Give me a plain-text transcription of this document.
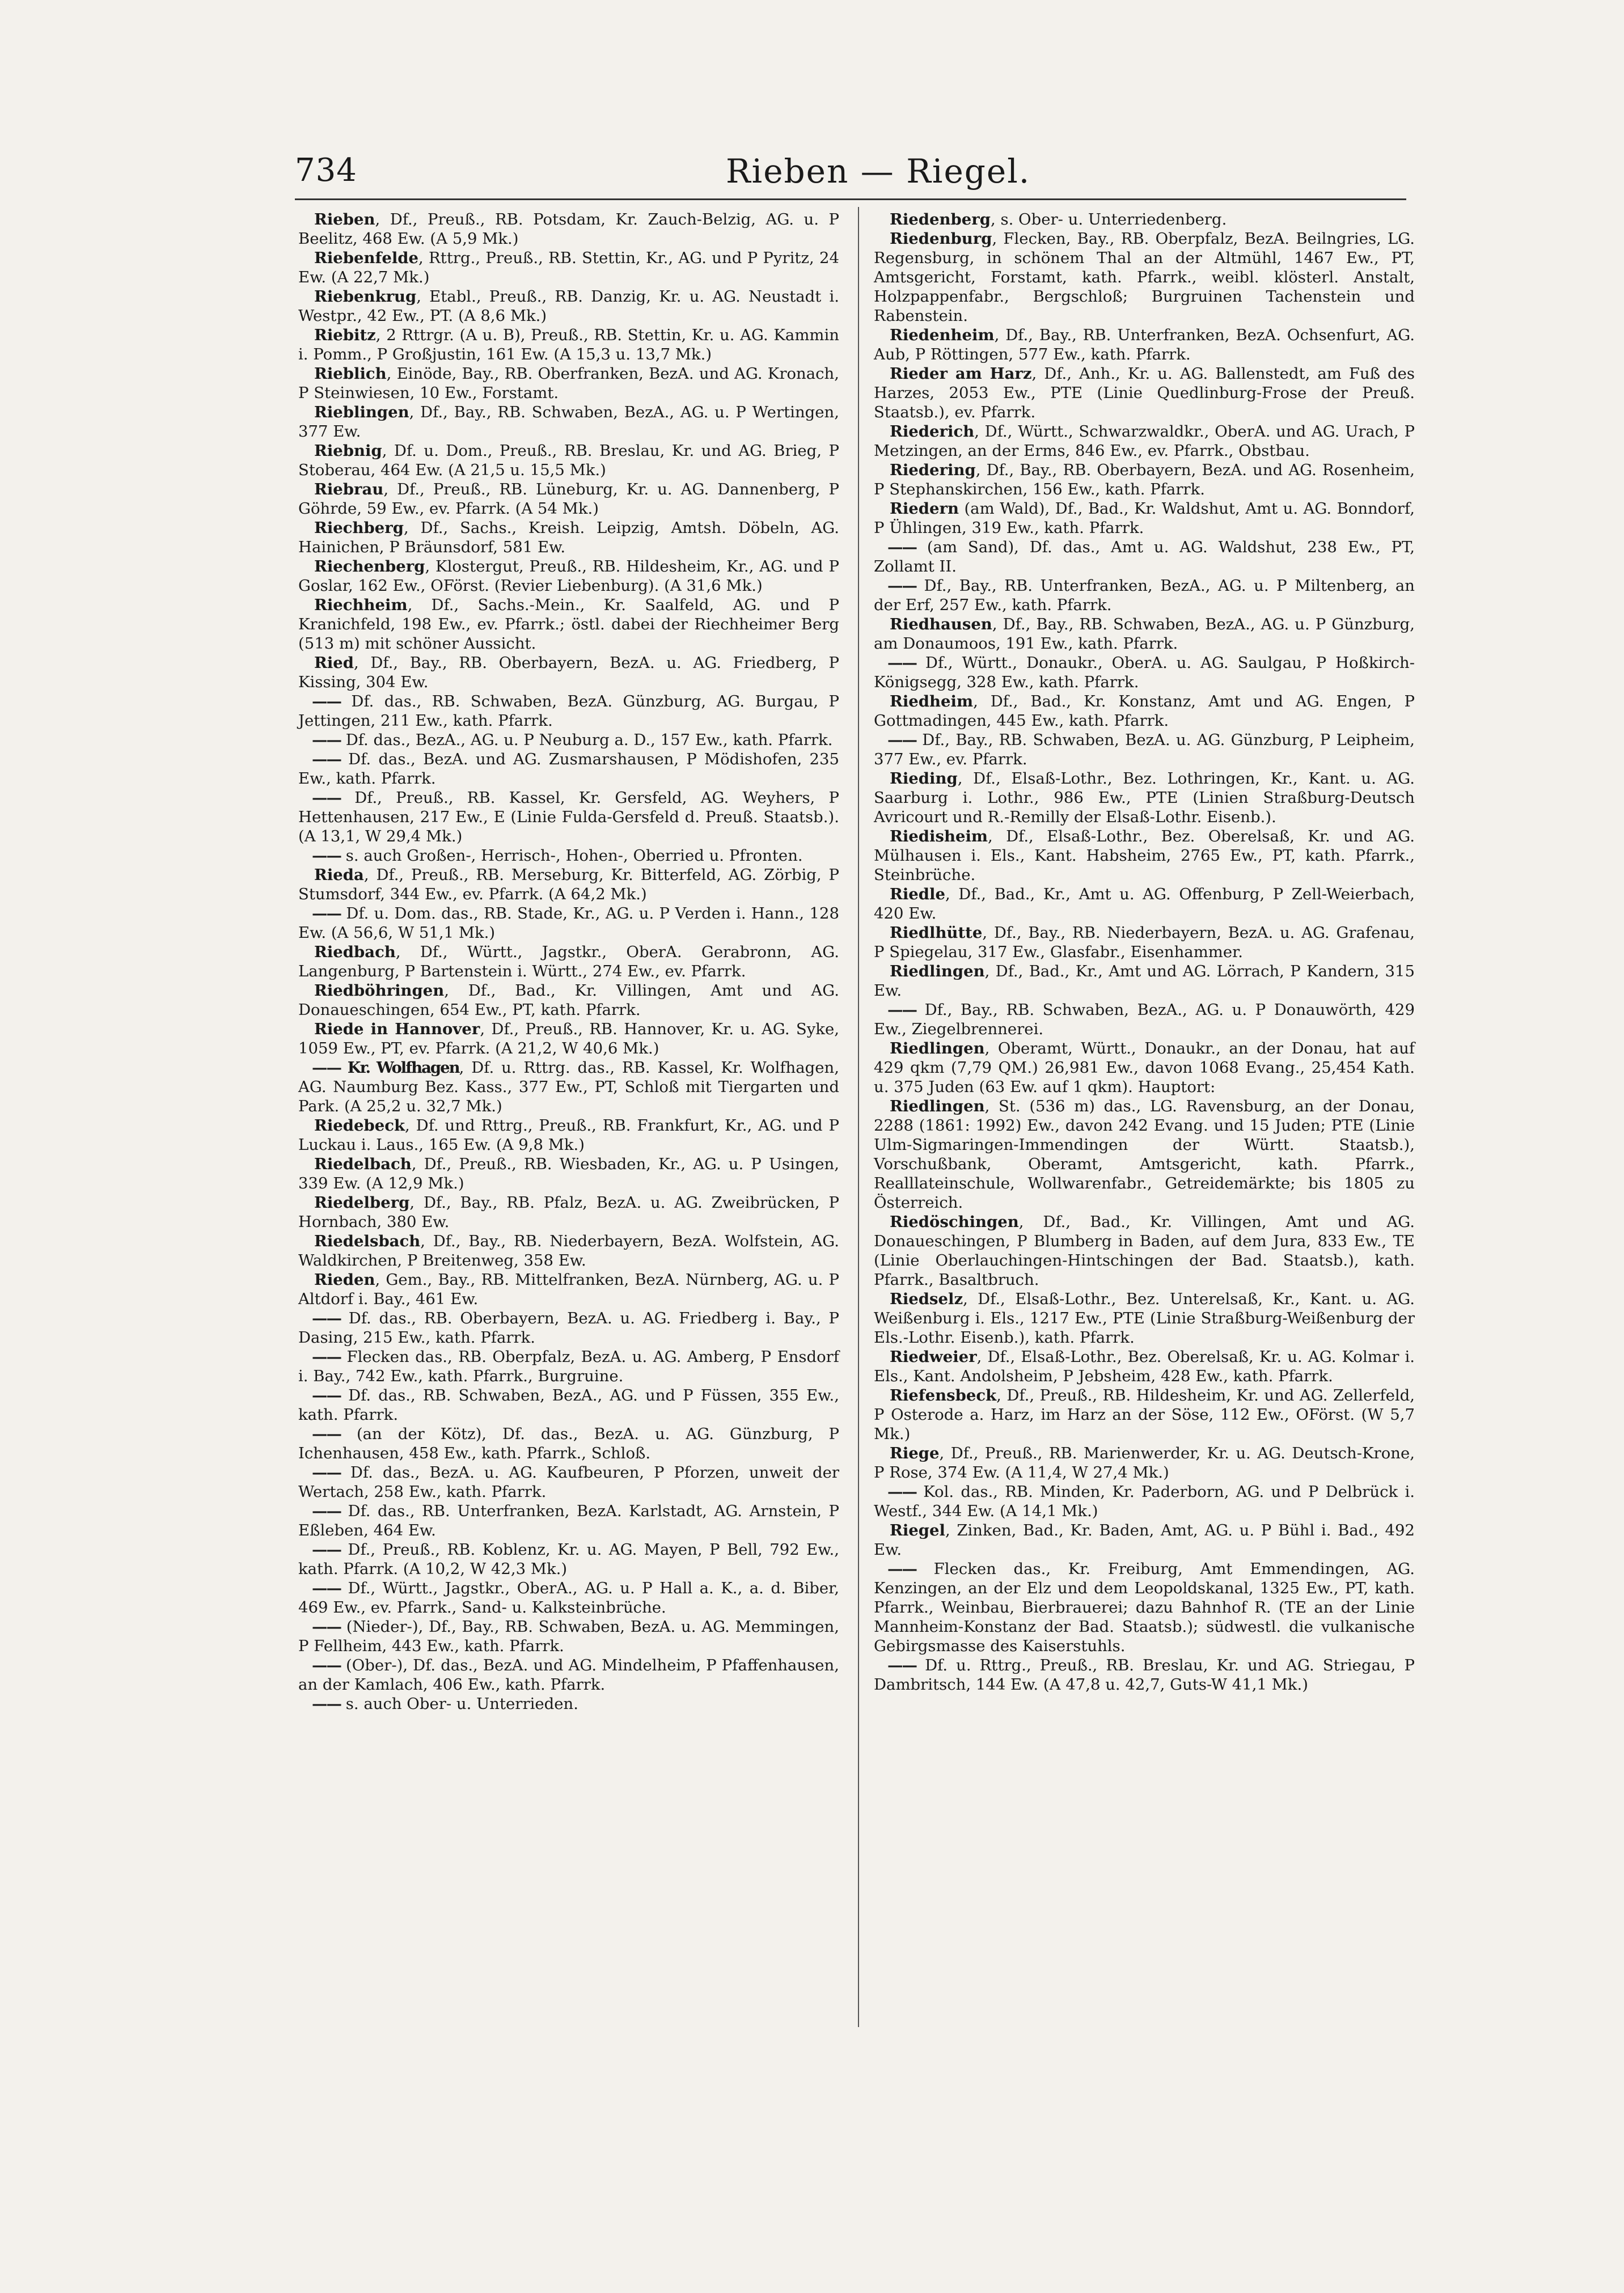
734	Rieben — Riegel.

Rieben, Df., Preuß., RB. Potsdam, Kr. Zauch-Belzig, AG. u. P Beelitz, 468 Ew. (A 5,9 Mk.)

Riebenfelde, Rttrg., Preuß., RB. Stettin, Kr., AG. und P Pyritz, 24 Ew. (A 22,7 Mk.)

Riebenkrug, Etabl., Preuß., RB. Danzig, Kr. u. AG. Neustadt i. Westpr., 42 Ew., PT. (A 8,6 Mk.)

Riebitz, 2 Rttrgr. (A u. B), Preuß., RB. Stettin, Kr. u. AG. Kammin i. Pomm., P Großjustin, 161 Ew. (A 15,3 u. 13,7 Mk.)

Rieblich, Einöde, Bay., RB. Oberfranken, BezA. und AG. Kronach, P Steinwiesen, 10 Ew., Forstamt.

Rieblingen, Df., Bay., RB. Schwaben, BezA., AG. u. P Wertingen, 377 Ew.

Riebnig, Df. u. Dom., Preuß., RB. Breslau, Kr. und AG. Brieg, P Stoberau, 464 Ew. (A 21,5 u. 15,5 Mk.)

Riebrau, Df., Preuß., RB. Lüneburg, Kr. u. AG. Dannenberg, P Göhrde, 59 Ew., ev. Pfarrk. (A 54 Mk.)

Riechberg, Df., Sachs., Kreish. Leipzig, Amtsh. Döbeln, AG. Hainichen, P Bräunsdorf, 581 Ew.

Riechenberg, Klostergut, Preuß., RB. Hildesheim, Kr., AG. und P Goslar, 162 Ew., OFörst. (Revier Liebenburg). (A 31,6 Mk.)

Riechheim, Df., Sachs.-Mein., Kr. Saalfeld, AG. und P Kranichfeld, 198 Ew., ev. Pfarrk.; östl. dabei der Riechheimer Berg (513 m) mit schöner Aussicht.

Ried, Df., Bay., RB. Oberbayern, BezA. u. AG. Friedberg, P Kissing, 304 Ew.

—— Df. das., RB. Schwaben, BezA. Günzburg, AG. Burgau, P Jettingen, 211 Ew., kath. Pfarrk.

—— Df. das., BezA., AG. u. P Neuburg a. D., 157 Ew., kath. Pfarrk.

—— Df. das., BezA. und AG. Zusmarshausen, P Mödishofen, 235 Ew., kath. Pfarrk.

—— Df., Preuß., RB. Kassel, Kr. Gersfeld, AG. Weyhers, P Hettenhausen, 217 Ew., E (Linie Fulda-Gersfeld d. Preuß. Staatsb.). (A 13,1, W 29,4 Mk.)

—— s. auch Großen-, Herrisch-, Hohen-, Oberried u. Pfronten.

Rieda, Df., Preuß., RB. Merseburg, Kr. Bitterfeld, AG. Zörbig, P Stumsdorf, 344 Ew., ev. Pfarrk. (A 64,2 Mk.)

—— Df. u. Dom. das., RB. Stade, Kr., AG. u. P Verden i. Hann., 128 Ew. (A 56,6, W 51,1 Mk.)

Riedbach, Df., Württ., Jagstkr., OberA. Gerabronn, AG. Langenburg, P Bartenstein i. Württ., 274 Ew., ev. Pfarrk.

Riedböhringen, Df., Bad., Kr. Villingen, Amt und AG. Donaueschingen, 654 Ew., PT, kath. Pfarrk.

Riede in Hannover, Df., Preuß., RB. Hannover, Kr. u. AG. Syke, 1059 Ew., PT, ev. Pfarrk. (A 21,2, W 40,6 Mk.)

—— Kr. Wolfhagen, Df. u. Rttrg. das., RB. Kassel, Kr. Wolfhagen, AG. Naumburg Bez. Kass., 377 Ew., PT, Schloß mit Tiergarten und Park. (A 25,2 u. 32,7 Mk.)

Riedebeck, Df. und Rttrg., Preuß., RB. Frankfurt, Kr., AG. und P Luckau i. Laus., 165 Ew. (A 9,8 Mk.)

Riedelbach, Df., Preuß., RB. Wiesbaden, Kr., AG. u. P Usingen, 339 Ew. (A 12,9 Mk.)

Riedelberg, Df., Bay., RB. Pfalz, BezA. u. AG. Zweibrücken, P Hornbach, 380 Ew.

Riedelsbach, Df., Bay., RB. Niederbayern, BezA. Wolfstein, AG. Waldkirchen, P Breitenweg, 358 Ew.

Rieden, Gem., Bay., RB. Mittelfranken, BezA. Nürnberg, AG. u. P Altdorf i. Bay., 461 Ew.

—— Df. das., RB. Oberbayern, BezA. u. AG. Friedberg i. Bay., P Dasing, 215 Ew., kath. Pfarrk.

—— Flecken das., RB. Oberpfalz, BezA. u. AG. Amberg, P Ensdorf i. Bay., 742 Ew., kath. Pfarrk., Burgruine.

—— Df. das., RB. Schwaben, BezA., AG. und P Füssen, 355 Ew., kath. Pfarrk.

—— (an der Kötz), Df. das., BezA. u. AG. Günzburg, P Ichenhausen, 458 Ew., kath. Pfarrk., Schloß.

—— Df. das., BezA. u. AG. Kaufbeuren, P Pforzen, unweit der Wertach, 258 Ew., kath. Pfarrk.

—— Df. das., RB. Unterfranken, BezA. Karlstadt, AG. Arnstein, P Eßleben, 464 Ew.

—— Df., Preuß., RB. Koblenz, Kr. u. AG. Mayen, P Bell, 792 Ew., kath. Pfarrk. (A 10,2, W 42,3 Mk.)

—— Df., Württ., Jagstkr., OberA., AG. u. P Hall a. K., a. d. Biber, 469 Ew., ev. Pfarrk., Sand- u. Kalksteinbrüche.

—— (Nieder-), Df., Bay., RB. Schwaben, BezA. u. AG. Memmingen, P Fellheim, 443 Ew., kath. Pfarrk.

—— (Ober-), Df. das., BezA. und AG. Mindelheim, P Pfaffenhausen, an der Kamlach, 406 Ew., kath. Pfarrk.

—— s. auch Ober- u. Unterrieden.

Riedenberg, s. Ober- u. Unterriedenberg.

Riedenburg, Flecken, Bay., RB. Oberpfalz, BezA. Beilngries, LG. Regensburg, in schönem Thal an der Altmühl, 1467 Ew., PT, Amtsgericht, Forstamt, kath. Pfarrk., weibl. klösterl. Anstalt, Holzpappenfabr., Bergschloß; Burgruinen Tachenstein und Rabenstein.

Riedenheim, Df., Bay., RB. Unterfranken, BezA. Ochsenfurt, AG. Aub, P Röttingen, 577 Ew., kath. Pfarrk.

Rieder am Harz, Df., Anh., Kr. u. AG. Ballenstedt, am Fuß des Harzes, 2053 Ew., PTE (Linie Quedlinburg-Frose der Preuß. Staatsb.), ev. Pfarrk.

Riederich, Df., Württ., Schwarzwaldkr., OberA. und AG. Urach, P Metzingen, an der Erms, 846 Ew., ev. Pfarrk., Obstbau.

Riedering, Df., Bay., RB. Oberbayern, BezA. und AG. Rosenheim, P Stephanskirchen, 156 Ew., kath. Pfarrk.

Riedern (am Wald), Df., Bad., Kr. Waldshut, Amt u. AG. Bonndorf, P Ühlingen, 319 Ew., kath. Pfarrk.

—— (am Sand), Df. das., Amt u. AG. Waldshut, 238 Ew., PT, Zollamt II.

—— Df., Bay., RB. Unterfranken, BezA., AG. u. P Miltenberg, an der Erf, 257 Ew., kath. Pfarrk.

Riedhausen, Df., Bay., RB. Schwaben, BezA., AG. u. P Günzburg, am Donaumoos, 191 Ew., kath. Pfarrk.

—— Df., Württ., Donaukr., OberA. u. AG. Saulgau, P Hoßkirch-Königsegg, 328 Ew., kath. Pfarrk.

Riedheim, Df., Bad., Kr. Konstanz, Amt und AG. Engen, P Gottmadingen, 445 Ew., kath. Pfarrk.

—— Df., Bay., RB. Schwaben, BezA. u. AG. Günzburg, P Leipheim, 377 Ew., ev. Pfarrk.

Rieding, Df., Elsaß-Lothr., Bez. Lothringen, Kr., Kant. u. AG. Saarburg i. Lothr., 986 Ew., PTE (Linien Straßburg-Deutsch Avricourt und R.-Remilly der Elsaß-Lothr. Eisenb.).

Riedisheim, Df., Elsaß-Lothr., Bez. Oberelsaß, Kr. und AG. Mülhausen i. Els., Kant. Habsheim, 2765 Ew., PT, kath. Pfarrk., Steinbrüche.

Riedle, Df., Bad., Kr., Amt u. AG. Offenburg, P Zell-Weierbach, 420 Ew.

Riedlhütte, Df., Bay., RB. Niederbayern, BezA. u. AG. Grafenau, P Spiegelau, 317 Ew., Glasfabr., Eisenhammer.

Riedlingen, Df., Bad., Kr., Amt und AG. Lörrach, P Kandern, 315 Ew.

—— Df., Bay., RB. Schwaben, BezA., AG. u. P Donauwörth, 429 Ew., Ziegelbrennerei.

Riedlingen, Oberamt, Württ., Donaukr., an der Donau, hat auf 429 qkm (7,79 QM.) 26,981 Ew., davon 1068 Evang., 25,454 Kath. u. 375 Juden (63 Ew. auf 1 qkm). Hauptort:

Riedlingen, St. (536 m) das., LG. Ravensburg, an der Donau, 2288 (1861: 1992) Ew., davon 242 Evang. und 15 Juden; PTE (Linie Ulm-Sigmaringen-Immendingen der Württ. Staatsb.), Vorschußbank, Oberamt, Amtsgericht, kath. Pfarrk., Realllateinschule, Wollwarenfabr., Getreidemärkte; bis 1805 zu Österreich.

Riedöschingen, Df., Bad., Kr. Villingen, Amt und AG. Donaueschingen, P Blumberg in Baden, auf dem Jura, 833 Ew., TE (Linie Oberlauchingen-Hintschingen der Bad. Staatsb.), kath. Pfarrk., Basaltbruch.

Riedselz, Df., Elsaß-Lothr., Bez. Unterelsaß, Kr., Kant. u. AG. Weißenburg i. Els., 1217 Ew., PTE (Linie Straßburg-Weißenburg der Els.-Lothr. Eisenb.), kath. Pfarrk.

Riedweier, Df., Elsaß-Lothr., Bez. Oberelsaß, Kr. u. AG. Kolmar i. Els., Kant. Andolsheim, P Jebsheim, 428 Ew., kath. Pfarrk.

Riefensbeck, Df., Preuß., RB. Hildesheim, Kr. und AG. Zellerfeld, P Osterode a. Harz, im Harz an der Söse, 112 Ew., OFörst. (W 5,7 Mk.)

Riege, Df., Preuß., RB. Marienwerder, Kr. u. AG. Deutsch-Krone, P Rose, 374 Ew. (A 11,4, W 27,4 Mk.)

—— Kol. das., RB. Minden, Kr. Paderborn, AG. und P Delbrück i. Westf., 344 Ew. (A 14,1 Mk.)

Riegel, Zinken, Bad., Kr. Baden, Amt, AG. u. P Bühl i. Bad., 492 Ew.

—— Flecken das., Kr. Freiburg, Amt Emmendingen, AG. Kenzingen, an der Elz und dem Leopoldskanal, 1325 Ew., PT, kath. Pfarrk., Weinbau, Bierbrauerei; dazu Bahnhof R. (TE an der Linie Mannheim-Konstanz der Bad. Staatsb.); südwestl. die vulkanische Gebirgsmasse des Kaiserstuhls.

—— Df. u. Rttrg., Preuß., RB. Breslau, Kr. und AG. Striegau, P Dambritsch, 144 Ew. (A 47,8 u. 42,7, Guts-W 41,1 Mk.)
